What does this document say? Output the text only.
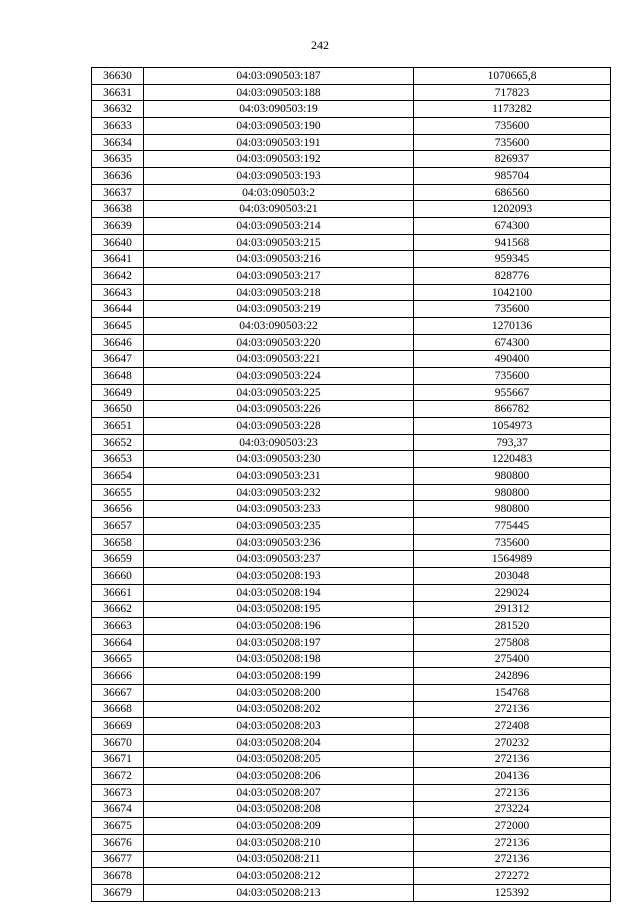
242
36630	04:03:090503:187	1070665,8
36631	04:03:090503:188	717823
36632	04:03:090503:19	1173282
36633	04:03:090503:190	735600
36634	04:03:090503:191	735600
36635	04:03:090503:192	826937
36636	04:03:090503:193	985704
36637	04:03:090503:2	686560
36638	04:03:090503:21	1202093
36639	04:03:090503:214	674300
36640	04:03:090503:215	941568
36641	04:03:090503:216	959345
36642	04:03:090503:217	828776
36643	04:03:090503:218	1042100
36644	04:03:090503:219	735600
36645	04:03:090503:22	1270136
36646	04:03:090503:220	674300
36647	04:03:090503:221	490400
36648	04:03:090503:224	735600
36649	04:03:090503:225	955667
36650	04:03:090503:226	866782
36651	04:03:090503:228	1054973
36652	04:03:090503:23	793,37
36653	04:03:090503:230	1220483
36654	04:03:090503:231	980800
36655	04:03:090503:232	980800
36656	04:03:090503:233	980800
36657	04:03:090503:235	775445
36658	04:03:090503:236	735600
36659	04:03:090503:237	1564989
36660	04:03:050208:193	203048
36661	04:03:050208:194	229024
36662	04:03:050208:195	291312
36663	04:03:050208:196	281520
36664	04:03:050208:197	275808
36665	04:03:050208:198	275400
36666	04:03:050208:199	242896
36667	04:03:050208:200	154768
36668	04:03:050208:202	272136
36669	04:03:050208:203	272408
36670	04:03:050208:204	270232
36671	04:03:050208:205	272136
36672	04:03:050208:206	204136
36673	04:03:050208:207	272136
36674	04:03:050208:208	273224
36675	04:03:050208:209	272000
36676	04:03:050208:210	272136
36677	04:03:050208:211	272136
36678	04:03:050208:212	272272
36679	04:03:050208:213	125392
